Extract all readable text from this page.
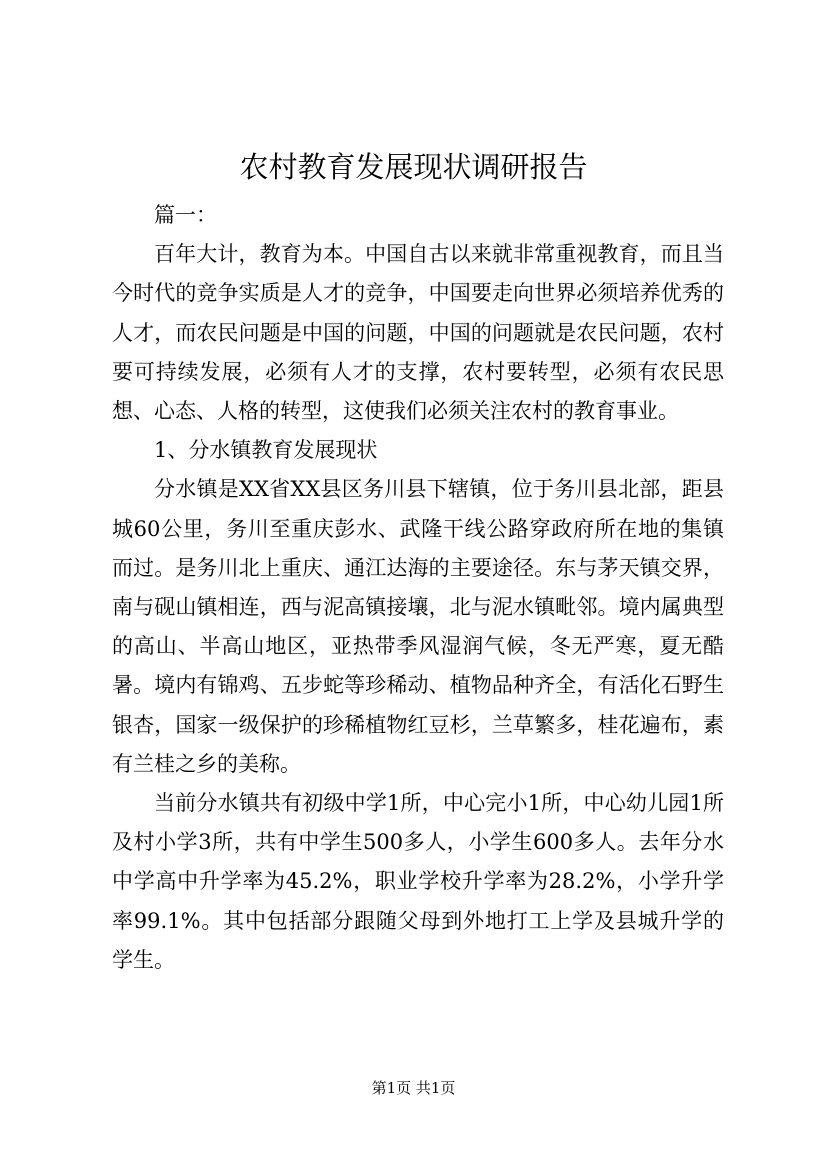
农村教育发展现状调研报告

篇一：

百年大计，教育为本。中国自古以来就非常重视教育，而且当今时代的竞争实质是人才的竞争，中国要走向世界必须培养优秀的人才，而农民问题是中国的问题，中国的问题就是农民问题，农村要可持续发展，必须有人才的支撑，农村要转型，必须有农民思想、心态、人格的转型，这使我们必须关注农村的教育事业。

1、分水镇教育发展现状

分水镇是XX省XX县区务川县下辖镇，位于务川县北部，距县城60公里，务川至重庆彭水、武隆干线公路穿政府所在地的集镇而过。是务川北上重庆、通江达海的主要途径。东与茅天镇交界，南与砚山镇相连，西与泥高镇接壤，北与泥水镇毗邻。境内属典型的高山、半高山地区，亚热带季风湿润气候，冬无严寒，夏无酷暑。境内有锦鸡、五步蛇等珍稀动、植物品种齐全，有活化石野生银杏，国家一级保护的珍稀植物红豆杉，兰草繁多，桂花遍布，素有兰桂之乡的美称。

当前分水镇共有初级中学1所，中心完小1所，中心幼儿园1所及村小学3所，共有中学生500多人，小学生600多人。去年分水中学高中升学率为45.2%，职业学校升学率为28.2%，小学升学率99.1%。其中包括部分跟随父母到外地打工上学及县城升学的学生。

第1页 共1页
